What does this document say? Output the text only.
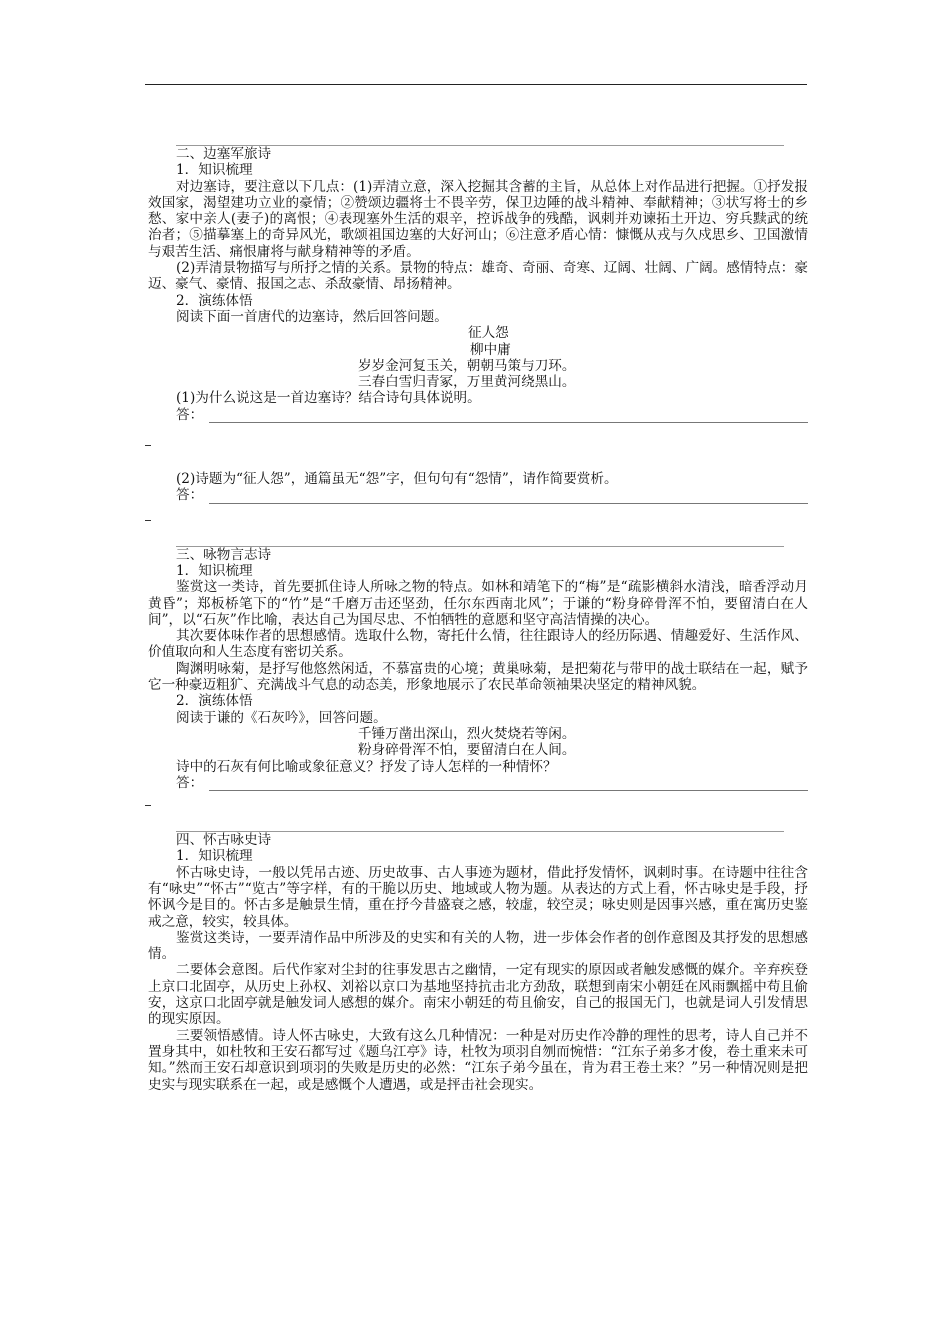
二、边塞军旅诗

1．知识梳理

对边塞诗，要注意以下几点：(1)弄清立意，深入挖掘其含蓄的主旨，从总体上对作品进行把握。①抒发报效国家，渴望建功立业的豪情；②赞颂边疆将士不畏辛劳，保卫边陲的战斗精神、奉献精神；③状写将士的乡愁、家中亲人(妻子)的离恨；④表现塞外生活的艰辛，控诉战争的残酷，讽刺并劝谏拓土开边、穷兵黩武的统治者；⑤描摹塞上的奇异风光，歌颂祖国边塞的大好河山；⑥注意矛盾心情：慷慨从戎与久戍思乡、卫国激情与艰苦生活、痛恨庸将与献身精神等的矛盾。

(2)弄清景物描写与所抒之情的关系。景物的特点：雄奇、奇丽、奇寒、辽阔、壮阔、广阔。感情特点：豪迈、豪气、豪情、报国之志、杀敌豪情、昂扬精神。

2．演练体悟

阅读下面一首唐代的边塞诗，然后回答问题。

征人怨

柳中庸

岁岁金河复玉关，朝朝马策与刀环。

三春白雪归青冢，万里黄河绕黑山。

(1)为什么说这是一首边塞诗？结合诗句具体说明。

答：

(2)诗题为“征人怨”，通篇虽无“怨”字，但句句有“怨情”，请作简要赏析。

答：

三、咏物言志诗

1．知识梳理

鉴赏这一类诗，首先要抓住诗人所咏之物的特点。如林和靖笔下的“梅”是“疏影横斜水清浅，暗香浮动月黄昏”；郑板桥笔下的“竹”是“千磨万击还坚劲，任尔东西南北风”；于谦的“粉身碎骨浑不怕，要留清白在人间”，以“石灰”作比喻，表达自己为国尽忠、不怕牺牲的意愿和坚守高洁情操的决心。

其次要体味作者的思想感情。选取什么物，寄托什么情，往往跟诗人的经历际遇、情趣爱好、生活作风、价值取向和人生态度有密切关系。

陶渊明咏菊，是抒写他悠然闲适，不慕富贵的心境；黄巢咏菊，是把菊花与带甲的战士联结在一起，赋予它一种豪迈粗犷、充满战斗气息的动态美，形象地展示了农民革命领袖果决坚定的精神风貌。

2．演练体悟

阅读于谦的《石灰吟》，回答问题。

千锤万凿出深山，烈火焚烧若等闲。

粉身碎骨浑不怕，要留清白在人间。

诗中的石灰有何比喻或象征意义？抒发了诗人怎样的一种情怀？

答：

四、怀古咏史诗

1．知识梳理

怀古咏史诗，一般以凭吊古迹、历史故事、古人事迹为题材，借此抒发情怀，讽刺时事。在诗题中往往含有“咏史”“怀古”“览古”等字样，有的干脆以历史、地域或人物为题。从表达的方式上看，怀古咏史是手段，抒怀讽今是目的。怀古多是触景生情，重在抒今昔盛衰之感，较虚，较空灵；咏史则是因事兴感，重在寓历史鉴戒之意，较实，较具体。

鉴赏这类诗，一要弄清作品中所涉及的史实和有关的人物，进一步体会作者的创作意图及其抒发的思想感情。

二要体会意图。后代作家对尘封的往事发思古之幽情，一定有现实的原因或者触发感慨的媒介。辛弃疾登上京口北固亭，从历史上孙权、刘裕以京口为基地坚持抗击北方劲敌，联想到南宋小朝廷在风雨飘摇中苟且偷安，这京口北固亭就是触发词人感想的媒介。南宋小朝廷的苟且偷安，自己的报国无门，也就是词人引发情思的现实原因。

三要领悟感情。诗人怀古咏史，大致有这么几种情况：一种是对历史作冷静的理性的思考，诗人自己并不置身其中，如杜牧和王安石都写过《题乌江亭》诗，杜牧为项羽自刎而惋惜：“江东子弟多才俊，卷土重来未可知。”然而王安石却意识到项羽的失败是历史的必然：“江东子弟今虽在，肯为君王卷土来？”另一种情况则是把史实与现实联系在一起，或是感慨个人遭遇，或是抨击社会现实。
